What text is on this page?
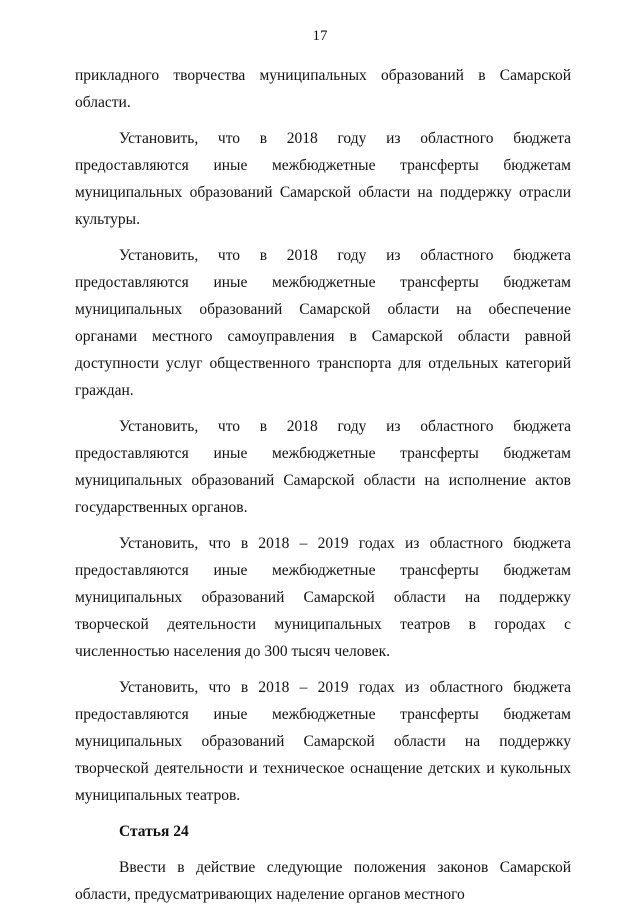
17

прикладного творчества муниципальных образований в Самарской области.

Установить, что в 2018 году из областного бюджета предоставляются иные межбюджетные трансферты бюджетам муниципальных образований Самарской области на поддержку отрасли культуры.

Установить, что в 2018 году из областного бюджета предоставляются иные межбюджетные трансферты бюджетам муниципальных образований Самарской области на обеспечение органами местного самоуправления в Самарской области равной доступности услуг общественного транспорта для отдельных категорий граждан.

Установить, что в 2018 году из областного бюджета предоставляются иные межбюджетные трансферты бюджетам муниципальных образований Самарской области на исполнение актов государственных органов.

Установить, что в 2018 – 2019 годах из областного бюджета предоставляются иные межбюджетные трансферты бюджетам муниципальных образований Самарской области на поддержку творческой деятельности муниципальных театров в городах с численностью населения до 300 тысяч человек.

Установить, что в 2018 – 2019 годах из областного бюджета предоставляются иные межбюджетные трансферты бюджетам муниципальных образований Самарской области на поддержку творческой деятельности и техническое оснащение детских и кукольных муниципальных театров.

Статья 24

Ввести в действие следующие положения законов Самарской области, предусматривающих наделение органов местного
